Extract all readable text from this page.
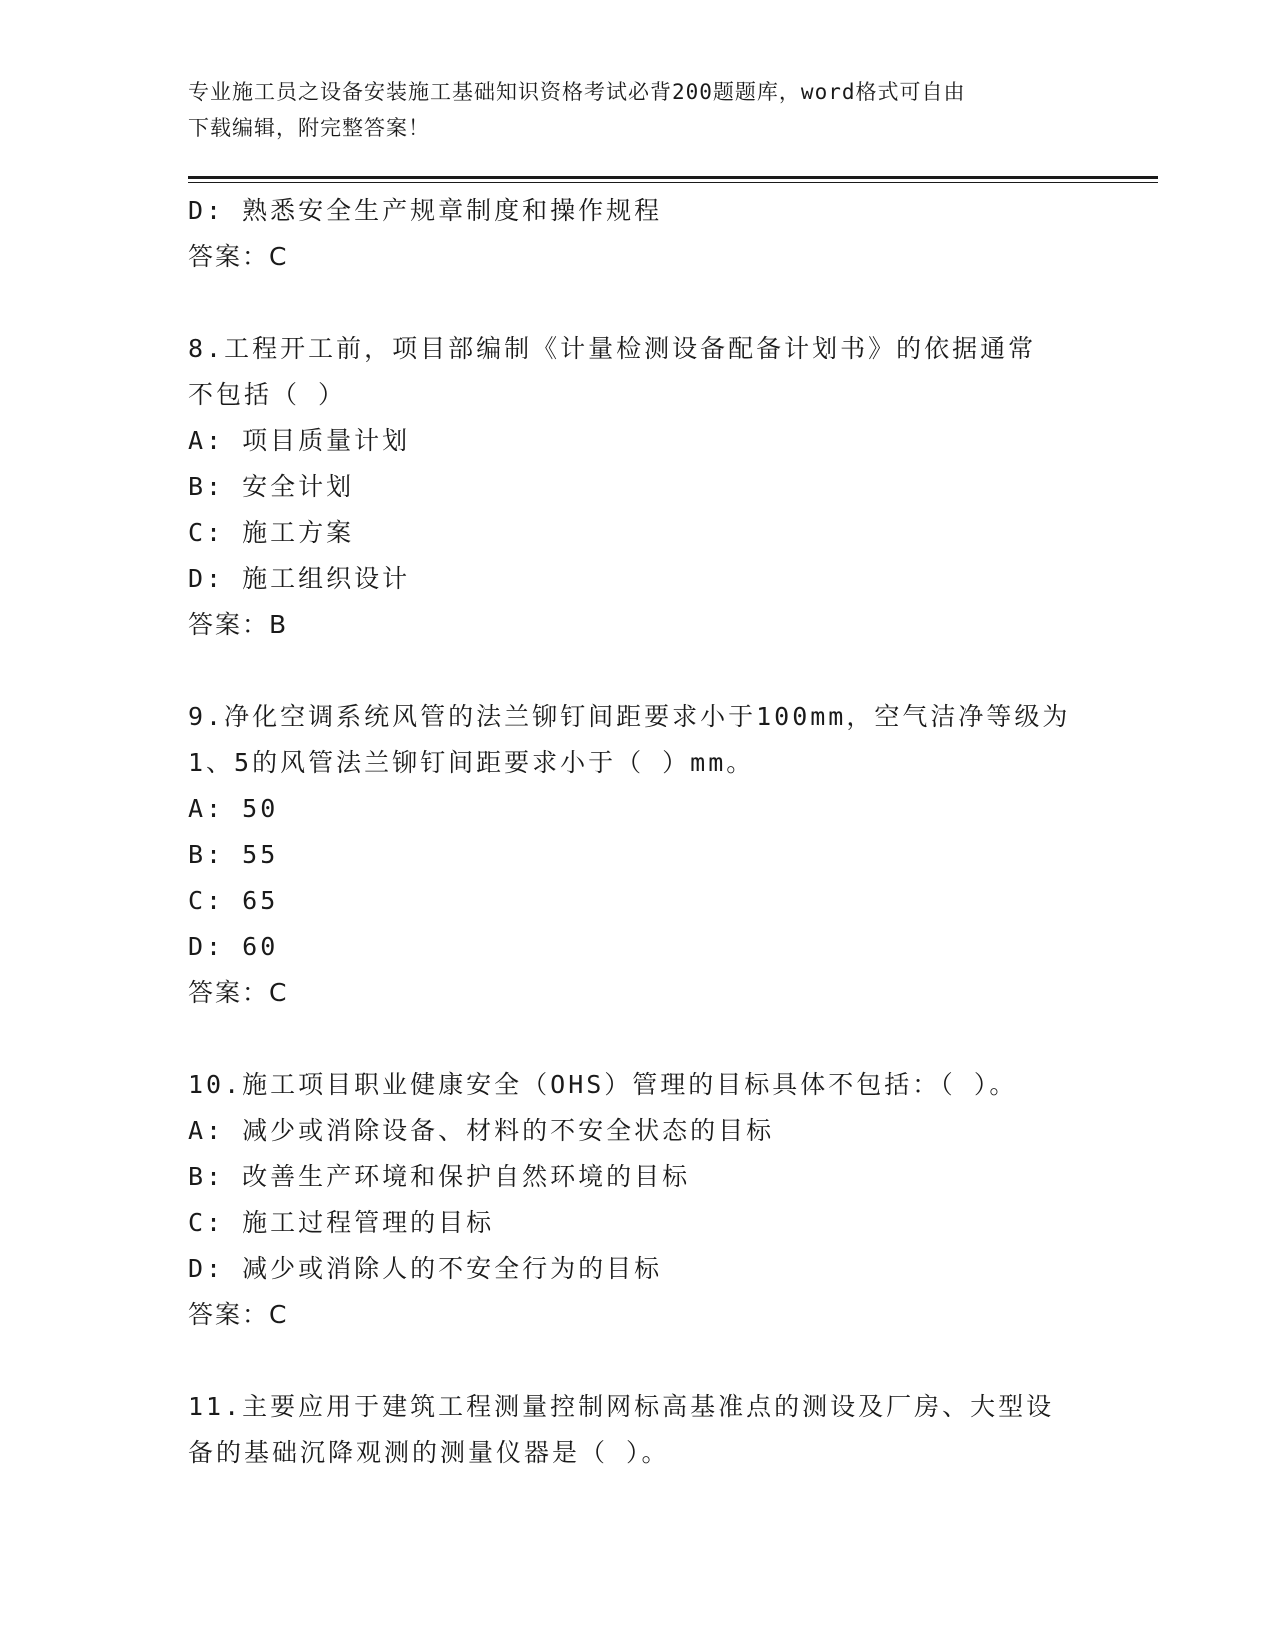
专业施工员之设备安装施工基础知识资格考试必背200题题库，word格式可自由
下载编辑，附完整答案！
D: 熟悉安全生产规章制度和操作规程
答案：C
8.工程开工前，项目部编制《计量检测设备配备计划书》的依据通常
不包括（ ）
A: 项目质量计划
B: 安全计划
C: 施工方案
D: 施工组织设计
答案：B
9.净化空调系统风管的法兰铆钉间距要求小于100mm，空气洁净等级为
1、5的风管法兰铆钉间距要求小于（ ）mm。
A: 50
B: 55
C: 65
D: 60
答案：C
10.施工项目职业健康安全（OHS）管理的目标具体不包括：（ ）。
A: 减少或消除设备、材料的不安全状态的目标
B: 改善生产环境和保护自然环境的目标
C: 施工过程管理的目标
D: 减少或消除人的不安全行为的目标
答案：C
11.主要应用于建筑工程测量控制网标高基准点的测设及厂房、大型设
备的基础沉降观测的测量仪器是（ ）。
